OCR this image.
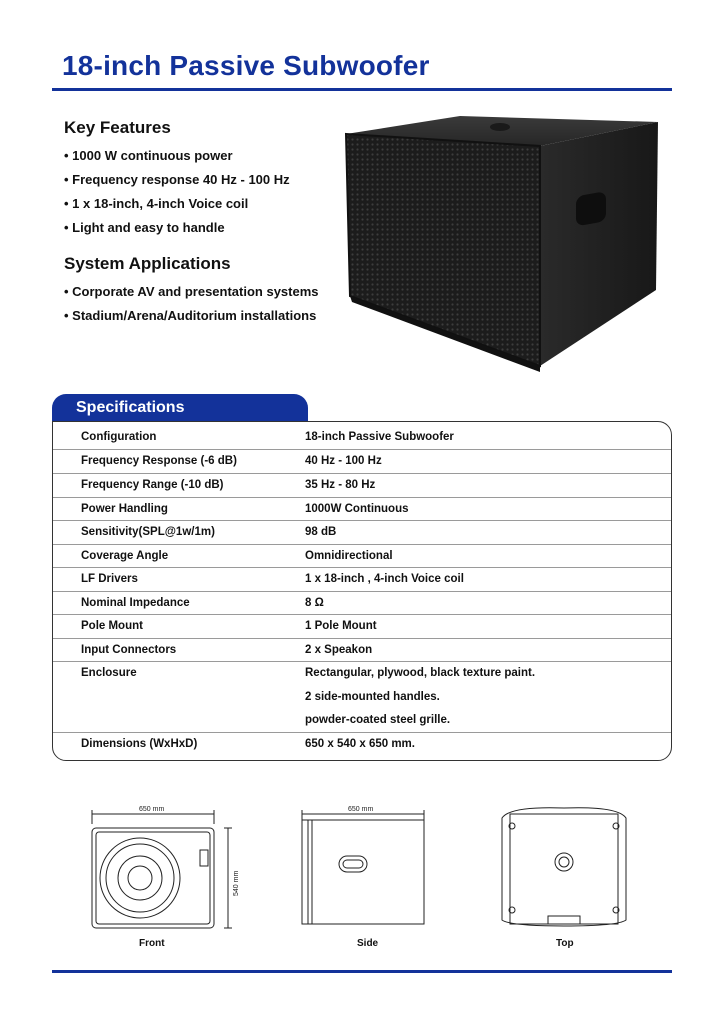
18-inch Passive Subwoofer
Key Features
• 1000 W continuous power
• Frequency response 40 Hz - 100 Hz
• 1 x 18-inch, 4-inch Voice coil
• Light and easy to handle
System Applications
• Corporate AV and presentation systems
• Stadium/Arena/Auditorium installations
Specifications
Configuration	18-inch Passive Subwoofer
Frequency Response (-6 dB)	40 Hz - 100 Hz
Frequency Range (-10 dB)	35 Hz - 80 Hz
Power Handling	1000W Continuous
Sensitivity(SPL@1w/1m)	98 dB
Coverage Angle	Omnidirectional
LF Drivers	1 x 18-inch , 4-inch Voice coil
Nominal Impedance	8 Ω
Pole Mount	1 Pole Mount
Input Connectors	2 x Speakon
Enclosure	Rectangular, plywood, black texture paint.
2 side-mounted handles.
powder-coated steel grille.
Dimensions (WxHxD)	650 x 540 x 650 mm.
650 mm
540 mm
650 mm
Front	Side	Top
